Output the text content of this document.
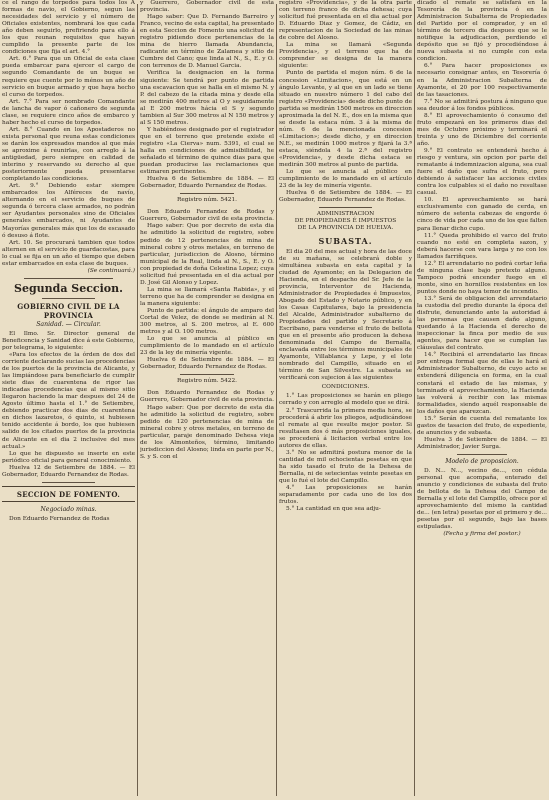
ce el rango de torpedos para todos los A formas de navio, el Gobierno, segun las necesidades del servicio y el número de Oficiales existentes, nombrará los que cada año deben seguirlo, prefiriendo para ello á los que reunan requisitos que hayan cumplido la presente parte de los condiciones que fija el art. 4.°

Art. 6.° Para que un Oficial de esta clase pueda embarcar para ejercer el cargo de segundo Comandante de un buque se requiere que cuente por lo ménos un año de servicio en buque armado y que haya hecho el curso de torpedos.

Art. 7.° Para ser nombrado Comandante de lancha de vapor ó cañonero de segunda clase, se requiere cinco años de embarco y haber hecho el curso de torpedos.

Art. 8.° Cuando en los Apostaderos no exista personal que reuna estas condiciones se darán los expresados mandos al que más se aproxime á reunirlas, con arreglo á la antigüedad, pero siempre en calidad de interino y reservando su derecho al que posteriormente pueda presentarse completando las condiciones.

Art. 9.° Debiendo estar siempre embarcados los Alféreces de navío, alternando en el servicio de buques de segunda ó tercera clase armados, no podrán ser Ayudantes personales sino de Oficiales generales embarcados, ni Ayudantes de Mayorías generales más que los de escasado ó desuso á flote.

Art. 10. Se procurará tambien que todos alternen en el servicio de guardacostas, para lo cual se fija en un año el tiempo que deben estar embarcados en esta clase de buques.

(Se continuará.)

Segunda Seccion.
GOBIERNO CIVIL DE LA PROVINCIA
Sanidad. — Circular.

El Ilmo. Sr. Director general de Beneficencia y Sanidad dice á este Gobierno, por telegrama, lo siguiente:

«Para los efectos de la órden de dos del corriente declarando sucias las procedencias de los puertos de la provincia de Alicante, y las limpiándose para beneficiarlo de cumplir siete dias de cuarentena de rigor las indicadas procedencias que al mismo sitio llegaron haciendo la mar despues del 24 de Agosto último hasta el 1.° de Setiembre, debiendo practicar dos dias de cuarentena en dichos lazaretos, ó quinto, si hubiesen tenido accidente á bordo, los que hubiesen salido de los citados puertos de la provincia de Alicante en el dia 2 inclusive del mes actual.»

Lo que he dispuesto se inserte en este periódico oficial para general conocimiento.

Huelva 12 de Setiembre de 1884. — El Gobernador, Eduardo Fernandez de Rodas.

SECCION DE FOMENTO.
Negociado minas.

Don Eduardo Fernandez de Rodas

y Guerrero, Gobernador civil de esta provincia.

Hago saber: Que D. Fernando Barreiro y Franco, vecino de esta capital, ha presentado en esta Seccion de Fomento una solicitud de registro pidiendo doce pertenencias de la mina de hierro llamada Abundancia, radicante en término de Zalamea y sitio de Cumbre del Cano; que linda al N., S., E. y O. con terrenos de D. Manuel Garcia.

Verifica la designacion en la forma siguiente: Se tendrá por punto de partida una escavacion que se halla en el mismo N. y P. del cabezo de la citada mina y desde ella se medirán 400 metros al O y seguidamente al E 200 metros hácia el S y segundo tambien al Sur 300 metros al N 150 metros y al S 150 metros.

Y habiéndose designado por el registrador que en el terreno que pretende existe el registro «La Cierva» num. 5391, el cual se halla en condiciones de admisibilidad, he señalado el término de quince dias para que puedan producirse las reclamaciones que estimaren pertinentes.

Huelva 6 de Setiembre de 1884. — El Gobernador, Eduardo Fernandez de Rodas.

Registro núm. 5421.

Don Eduardo Fernandez de Rodas y Guerrero, Gobernador civil de esta provincia.

Hago saber: Que por decreto de esta dia he admitido la solicitud de registro, sobre pedido de 12 pertenencias de mina de mineral cobre y otros metales, en terreno de particular, jurisdiccion de Alosno, término municipal de la Real, linda al N., S., E. y O. con propiedad de doña Celestina Lopez; cuya solicitud fué presentada en el dia actual por D. José Gil Alonso y Lopez.

La mina se llamará «Santa Rabida», y el terreno que ha de comprender se designa en la manera siguiente:

Punto de partida: el ángulo de amparo del Cortal de Velez, de donde se medirán al N. 300 metros, al S. 200 metros, al E. 600 metros y al O. 100 metros.

Lo que se anuncia al público en cumplimiento de lo mandado en el artículo 23 de la ley de minería vigente.

Huelva 6 de Setiembre de 1884. — El Gobernador, Eduardo Fernandez de Rodas.

Registro núm. 5422.

Don Eduardo Fernandez de Rodas y Guerrero, Gobernador civil de esta provincia.

Hago saber: Que por decreto de esta dia he admitido la solicitud de registro, sobre pedido de 120 pertenencias de mina de mineral cobre y otros metales, en terreno de particular, paraje denominado Dehesa vieja de los Almonteños, término, limitando jurisdiccion del Alosno; linda en parte por N., S. y S. con el

registro «Providencia», y de la otra parte con terreno franco de dicha dehesa; cuya solicitud fué presentada en el dia actual por D. Eduardo Diaz y Gomez, de Cádiz, en representacion de la Sociedad de las minas de cobre del Alosno.

La mina se llamará «Segunda Providencia», y el terreno que ha de comprender se designa de la manera siguiente:

Punto de partida el mojon núm. 6 de la concesion «Limitacion», que está en un ángulo Levante, y al que en un lado se tiene situado en nuestro número 1 del cabo del registro «Providencia» desde dicho punto de partida se medirán 1500 metros en direccion aproximada la del N. E., dos en la misma que se desde la estaca núm. 3 á la misma de núm. 6 de la mencionada concesion «Limitacion»; desde dicho, y en direccion N.E., se medirán 1000 metros y fijará la 3.ª estaca, siéndola 4 la 2.ª del registro «Providencia», y desde dicha estaca se medirán 300 metros al punto de partida.

Lo que se anuncia al público en cumplimiento de lo mandado en el artículo 23 de la ley de minería vigente.

Huelva 6 de Setiembre de 1884. — El Gobernador, Eduardo Fernandez de Rodas.

ADMINISTRACION

DE PROPIEDADES É IMPUESTOS

DE LA PROVINCIA DE HUELVA.

SUBASTA.

El dia 20 del mes actual y hora de las doce de su mañana, se celebrará doble y simultánea subasta en esta capital y la ciudad de Ayamonte; en la Delegacion de Hacienda, en el despacho del Sr. Jefe de la provincia, Interventor de Hacienda, Administrador de Propiedades é Impuestos, Abogado del Estado y Notario público, y en los Casas Capitulares, bajo la presidencia del Alcalde, Administrador subalterno de Propiedades del partido y Secretario á Escribano, para venderse el fruto de bellota que en el presente año producen la dehesa denominada del Campo de Bernalla, enclavada entre los términos municipales de Ayamonte, Villablanca y Lepe, y el lote nombrado del Campillo, situado en el término de San Silvestre. La subasta se verificará con sujecion á las siguientes

CONDICIONES.

1.° Las proposiciones se harán en pliego cerrado y con arreglo al modelo que se dirá.

2.° Trascurrida la primera media hora, se procederá á abrir los pliegos, adjudicándose el remate al que resulte mejor postor. Si resultasen dos ó más proposiciones iguales, se procederá á licitacion verbal entre los autores de ellas.

3.° No se admitirá postura menor de la cantidad de mil ochocientas pesetas en que ha sido tasado el fruto de la Dehesa de Bernalla, ni de setecientas veinte pesetas en que lo fué el lote del Campillo.

4.° Las proposiciones se harán separadamente por cada uno de los dos frutos.

5.° La cantidad en que sea adju-

dicado el remate se satisfará en la Tesorería de la provincia ó en la Administracion Subalterna de Propiedades del Partido por el comprador, y en el término de tercero dia despues que se le notifique la adjudicacion, perdiendo el depósito que se fijó y procediéndose á nueva subasta si no cumple con esta condicion.

6.° Para hacer proposiciones es necesario consignar antes, en Tesorería ó en la Administracion Subalterna de Ayamonte, el 20 por 100 respectivamente de las tasaciones.

7.° No se admitirá postura á ninguno que sea deudor á los fondos públicos.

8.° El aprovechamiento ó consumo del fruto empezará en los primeros dias del mes de Octubre próximo y terminará el treinta y uno de Diciembre del corriente año.

9.° El contrato se entenderá hecho á riesgo y ventura, sin opcion por parte del rematante á indemnizacion alguna, sea cual fuere el daño que sufra el fruto, pero debiendo á satisfacer las acciones civiles contra los culpables si el daño no resultase casual.

10. El aprovechamiento se hará exclusivamente con ganado de cerda, en número de setenta cabezas de engorde ó cinco de vida por cada uno de los que falten para llenar dicho cupo.

11.° Queda prohibido el varco del fruto cuando no esté en completa sazon, y deberá hacerse con vara larga y no con los llamados farriñques.

12.° El arrendatario no podrá cortar leña de ninguna clase bajo pretexto alguno. Tampoco podrá encender fuego en el monte, sino en hornillos resistentes en los puntos donde no haya temor de incendio.

13.° Será de obligacion del arrendatario la custodia del predio durante la época del disfrute, denunciando ante la autoridad á las personas que causen daño alguno, quedando á la Hacienda el derecho de inspeccionar la finca por medio de sus agentes, para hacer que se cumplan las cláusulas del contrato.

14.° Recibirá el arrendatario las fincas por entrega formal que de ellas le hará el Administrador Subalterno, de cuyo acto se extenderá diligencia en forma, en la cual constará el estado de las mismas, y terminado el aprovechamiento, la Hacienda las volverá á recibir con las mismas formalidades, siendo aquél responsable de los daños que aparezcan.

15.° Serán de cuenta del rematante los gastos de tasacion del fruto, de expediente, de anuncios y de subasta.

Huelva 3 de Setiembre de 1884. — El Administrador, Javier Surga.

Modelo de proposicion.

D. N... N..., vecino de..., con cédula personal que acompaña, enterado del anuncio y condiciones de subasta del fruto de bellota de la Dehesa del Campo de Bernalla y el lote del Campillo, ofrece por el aprovechamiento del mismo la cantidad de... (en letra) pesetas por el primero y de... pesetas por el segundo, bajo las bases estipuladas.

(Fecha y firma del postor.)
